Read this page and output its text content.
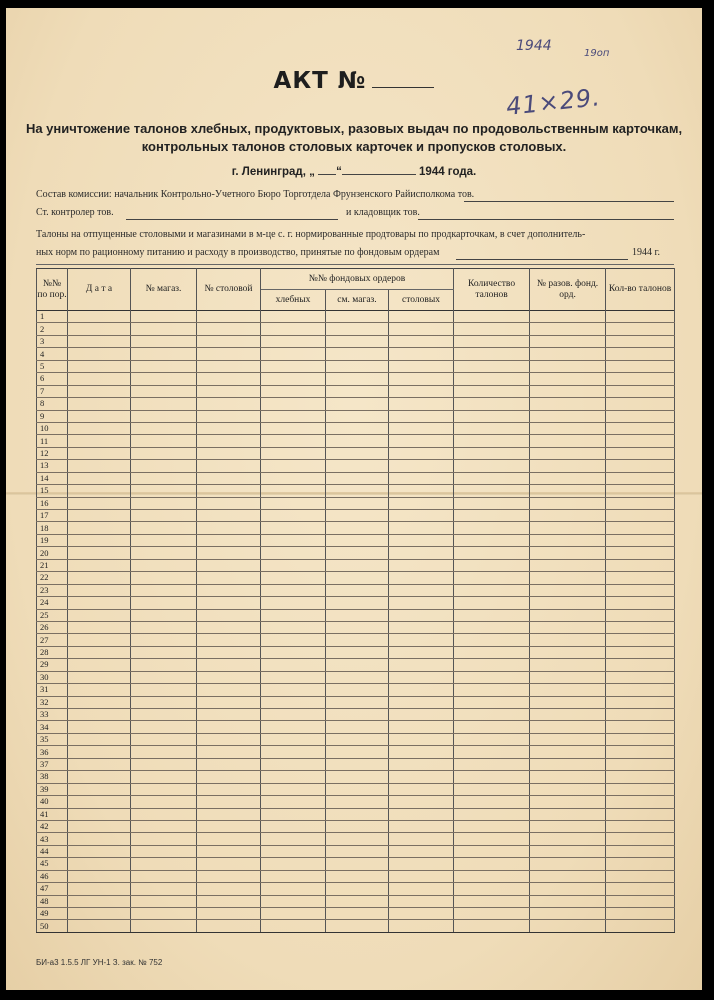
1944	19oп
41×29.
АКТ №
На уничтожение талонов хлебных, продуктовых, разовых выдач по продовольственным карточкам,
контрольных талонов столовых карточек и пропусков столовых.
г. Ленинград, „ “	1944 года.
Состав комиссии: начальник Контрольно-Учетного Бюро Торготдела Фрунзенского Райисполкома тов.
Ст. контролер тов.	и кладовщик тов.
Талоны на отпущенные столовыми и магазинами в м-це с. г. нормированные продтовары по продкарточкам, в счет дополнитель-
ных норм по рационному питанию и расходу в производство, принятые по фондовым ордерам	1944 г.
№№ по пор.	Д а т а	№ магаз.	№ столовой	№№ фондовых ордеров			Количество талонов	№ разов. фонд. орд.	Кол-во талонов
				хлебных	см. магаз.	столовых			
1									
2									
3									
4									
5									
6									
7									
8									
9									
10									
11									
12									
13									
14									
15									
16									
17									
18									
19									
20									
21									
22									
23									
24									
25									
26									
27									
28									
29									
30									
31									
32									
33									
34									
35									
36									
37									
38									
39									
40									
41									
42									
43									
44									
45									
46									
47									
48									
49									
50									
БИ-а3 1.5.5 ЛГ УН-1 З. зак. № 752
